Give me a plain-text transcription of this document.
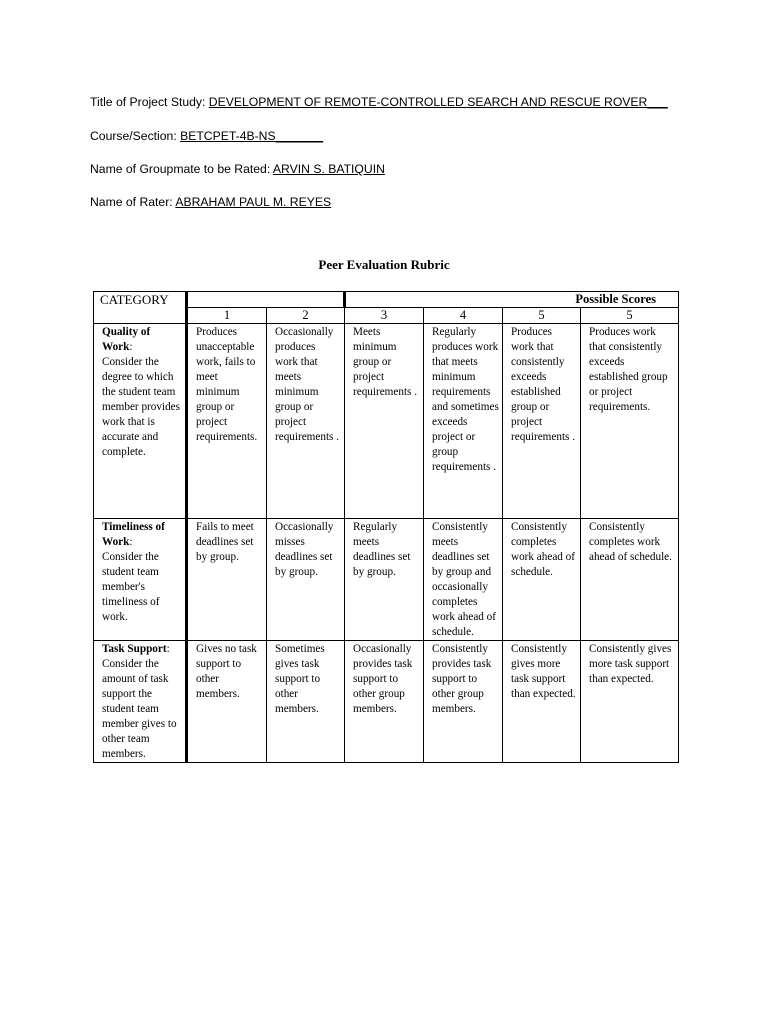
Title of Project Study: DEVELOPMENT OF REMOTE-CONTROLLED SEARCH AND RESCUE ROVER___
Course/Section: BETCPET-4B-NS_______
Name of Groupmate to be Rated: ARVIN S. BATIQUIN
Name of Rater: ABRAHAM PAUL M. REYES
Peer Evaluation Rubric
CATEGORY			Possible Scores			
	1	2	3	4	5	5
Quality of Work:
Consider the degree to which the student team member provides work that is accurate and complete.	Produces unacceptable work, fails to meet minimum group or project requirements.	Occasionally produces work that meets minimum group or project requirements .	Meets minimum group or project requirements .	Regularly produces work that meets minimum requirements and sometimes exceeds project or group requirements .	Produces work that consistently exceeds established group or project requirements .	Produces work that consistently exceeds established group or project requirements.
Timeliness of Work:
Consider the student team member's timeliness of work.	Fails to meet deadlines set by group.	Occasionally misses deadlines set by group.	Regularly meets deadlines set by group.	Consistently meets deadlines set by group and occasionally completes work ahead of schedule.	Consistently completes work ahead of schedule.	Consistently completes work ahead of schedule.
Task Support:
Consider the amount of task support the student team member gives to other team members.	Gives no task support to other members.	Sometimes gives task support to other members.	Occasionally provides task support to other group members.	Consistently provides task support to other group members.	Consistently gives more task support than expected.	Consistently gives more task support than expected.
